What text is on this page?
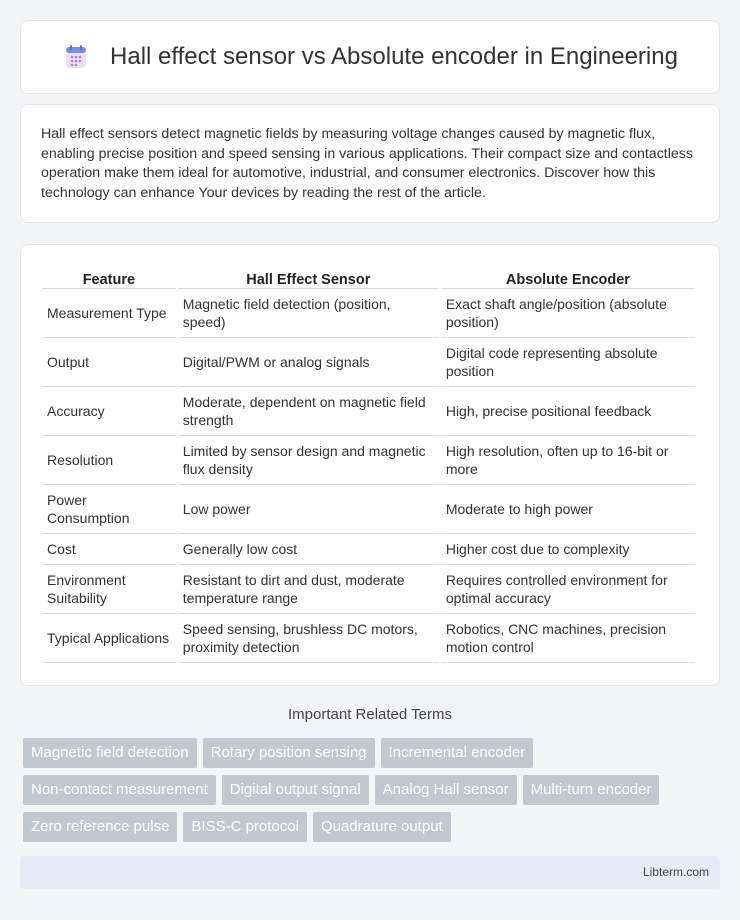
Hall effect sensor vs Absolute encoder in Engineering

Hall effect sensors detect magnetic fields by measuring voltage changes caused by magnetic flux, enabling precise position and speed sensing in various applications. Their compact size and contactless operation make them ideal for automotive, industrial, and consumer electronics. Discover how this technology can enhance Your devices by reading the rest of the article.

Feature	Hall Effect Sensor	Absolute Encoder
Measurement Type	Magnetic field detection (position, speed)	Exact shaft angle/position (absolute position)
Output	Digital/PWM or analog signals	Digital code representing absolute position
Accuracy	Moderate, dependent on magnetic field strength	High, precise positional feedback
Resolution	Limited by sensor design and magnetic flux density	High resolution, often up to 16-bit or more
Power Consumption	Low power	Moderate to high power
Cost	Generally low cost	Higher cost due to complexity
Environment Suitability	Resistant to dirt and dust, moderate temperature range	Requires controlled environment for optimal accuracy
Typical Applications	Speed sensing, brushless DC motors, proximity detection	Robotics, CNC machines, precision motion control
Important Related Terms
Magnetic field detection	Rotary position sensing	Incremental encoder
Non-contact measurement	Digital output signal	Analog Hall sensor	Multi-turn encoder
Zero reference pulse	BISS-C protocol	Quadrature output
Libterm.com
